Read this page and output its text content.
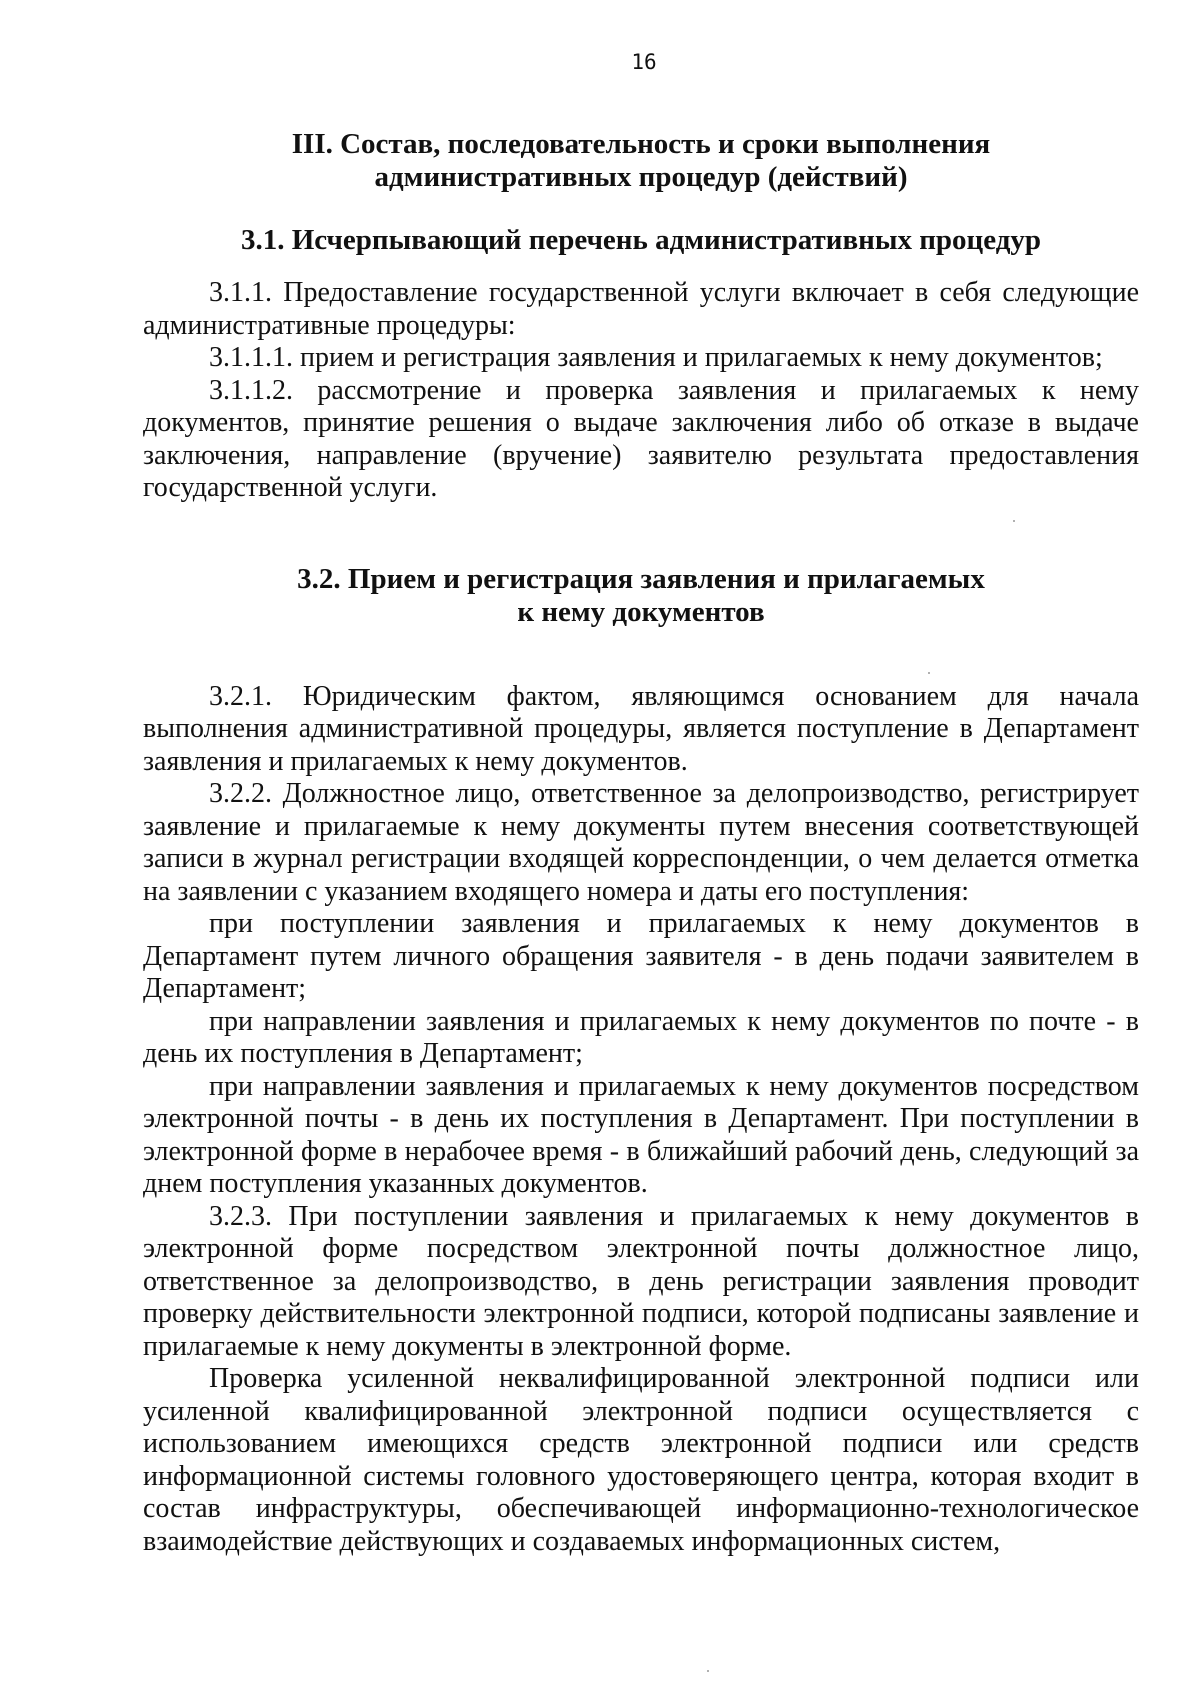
16
III. Состав, последовательность и сроки выполнения
административных процедур (действий)
3.1. Исчерпывающий перечень административных процедур

3.1.1. Предоставление государственной услуги включает в себя следующие административные процедуры:

3.1.1.1. прием и регистрация заявления и прилагаемых к нему документов;

3.1.1.2. рассмотрение и проверка заявления и прилагаемых к нему документов, принятие решения о выдаче заключения либо об отказе в выдаче заключения, направление (вручение) заявителю результата предоставления государственной услуги.

3.2. Прием и регистрация заявления и прилагаемых
к нему документов

3.2.1. Юридическим фактом, являющимся основанием для начала выполнения административной процедуры, является поступление в Департамент заявления и прилагаемых к нему документов.

3.2.2. Должностное лицо, ответственное за делопроизводство, регистрирует заявление и прилагаемые к нему документы путем внесения соответствующей записи в журнал регистрации входящей корреспонденции, о чем делается отметка на заявлении с указанием входящего номера и даты его поступления:

при поступлении заявления и прилагаемых к нему документов в Департамент путем личного обращения заявителя - в день подачи заявителем в Департамент;

при направлении заявления и прилагаемых к нему документов по почте - в день их поступления в Департамент;

при направлении заявления и прилагаемых к нему документов посредством электронной почты - в день их поступления в Департамент. При поступлении в электронной форме в нерабочее время - в ближайший рабочий день, следующий за днем поступления указанных документов.

3.2.3. При поступлении заявления и прилагаемых к нему документов в электронной форме посредством электронной почты должностное лицо, ответственное за делопроизводство, в день регистрации заявления проводит проверку действительности электронной подписи, которой подписаны заявление и прилагаемые к нему документы в электронной форме.

Проверка усиленной неквалифицированной электронной подписи или усиленной квалифицированной электронной подписи осуществляется с использованием имеющихся средств электронной подписи или средств информационной системы головного удостоверяющего центра, которая входит в состав инфраструктуры, обеспечивающей информационно-технологическое взаимодействие действующих и создаваемых информационных систем,
